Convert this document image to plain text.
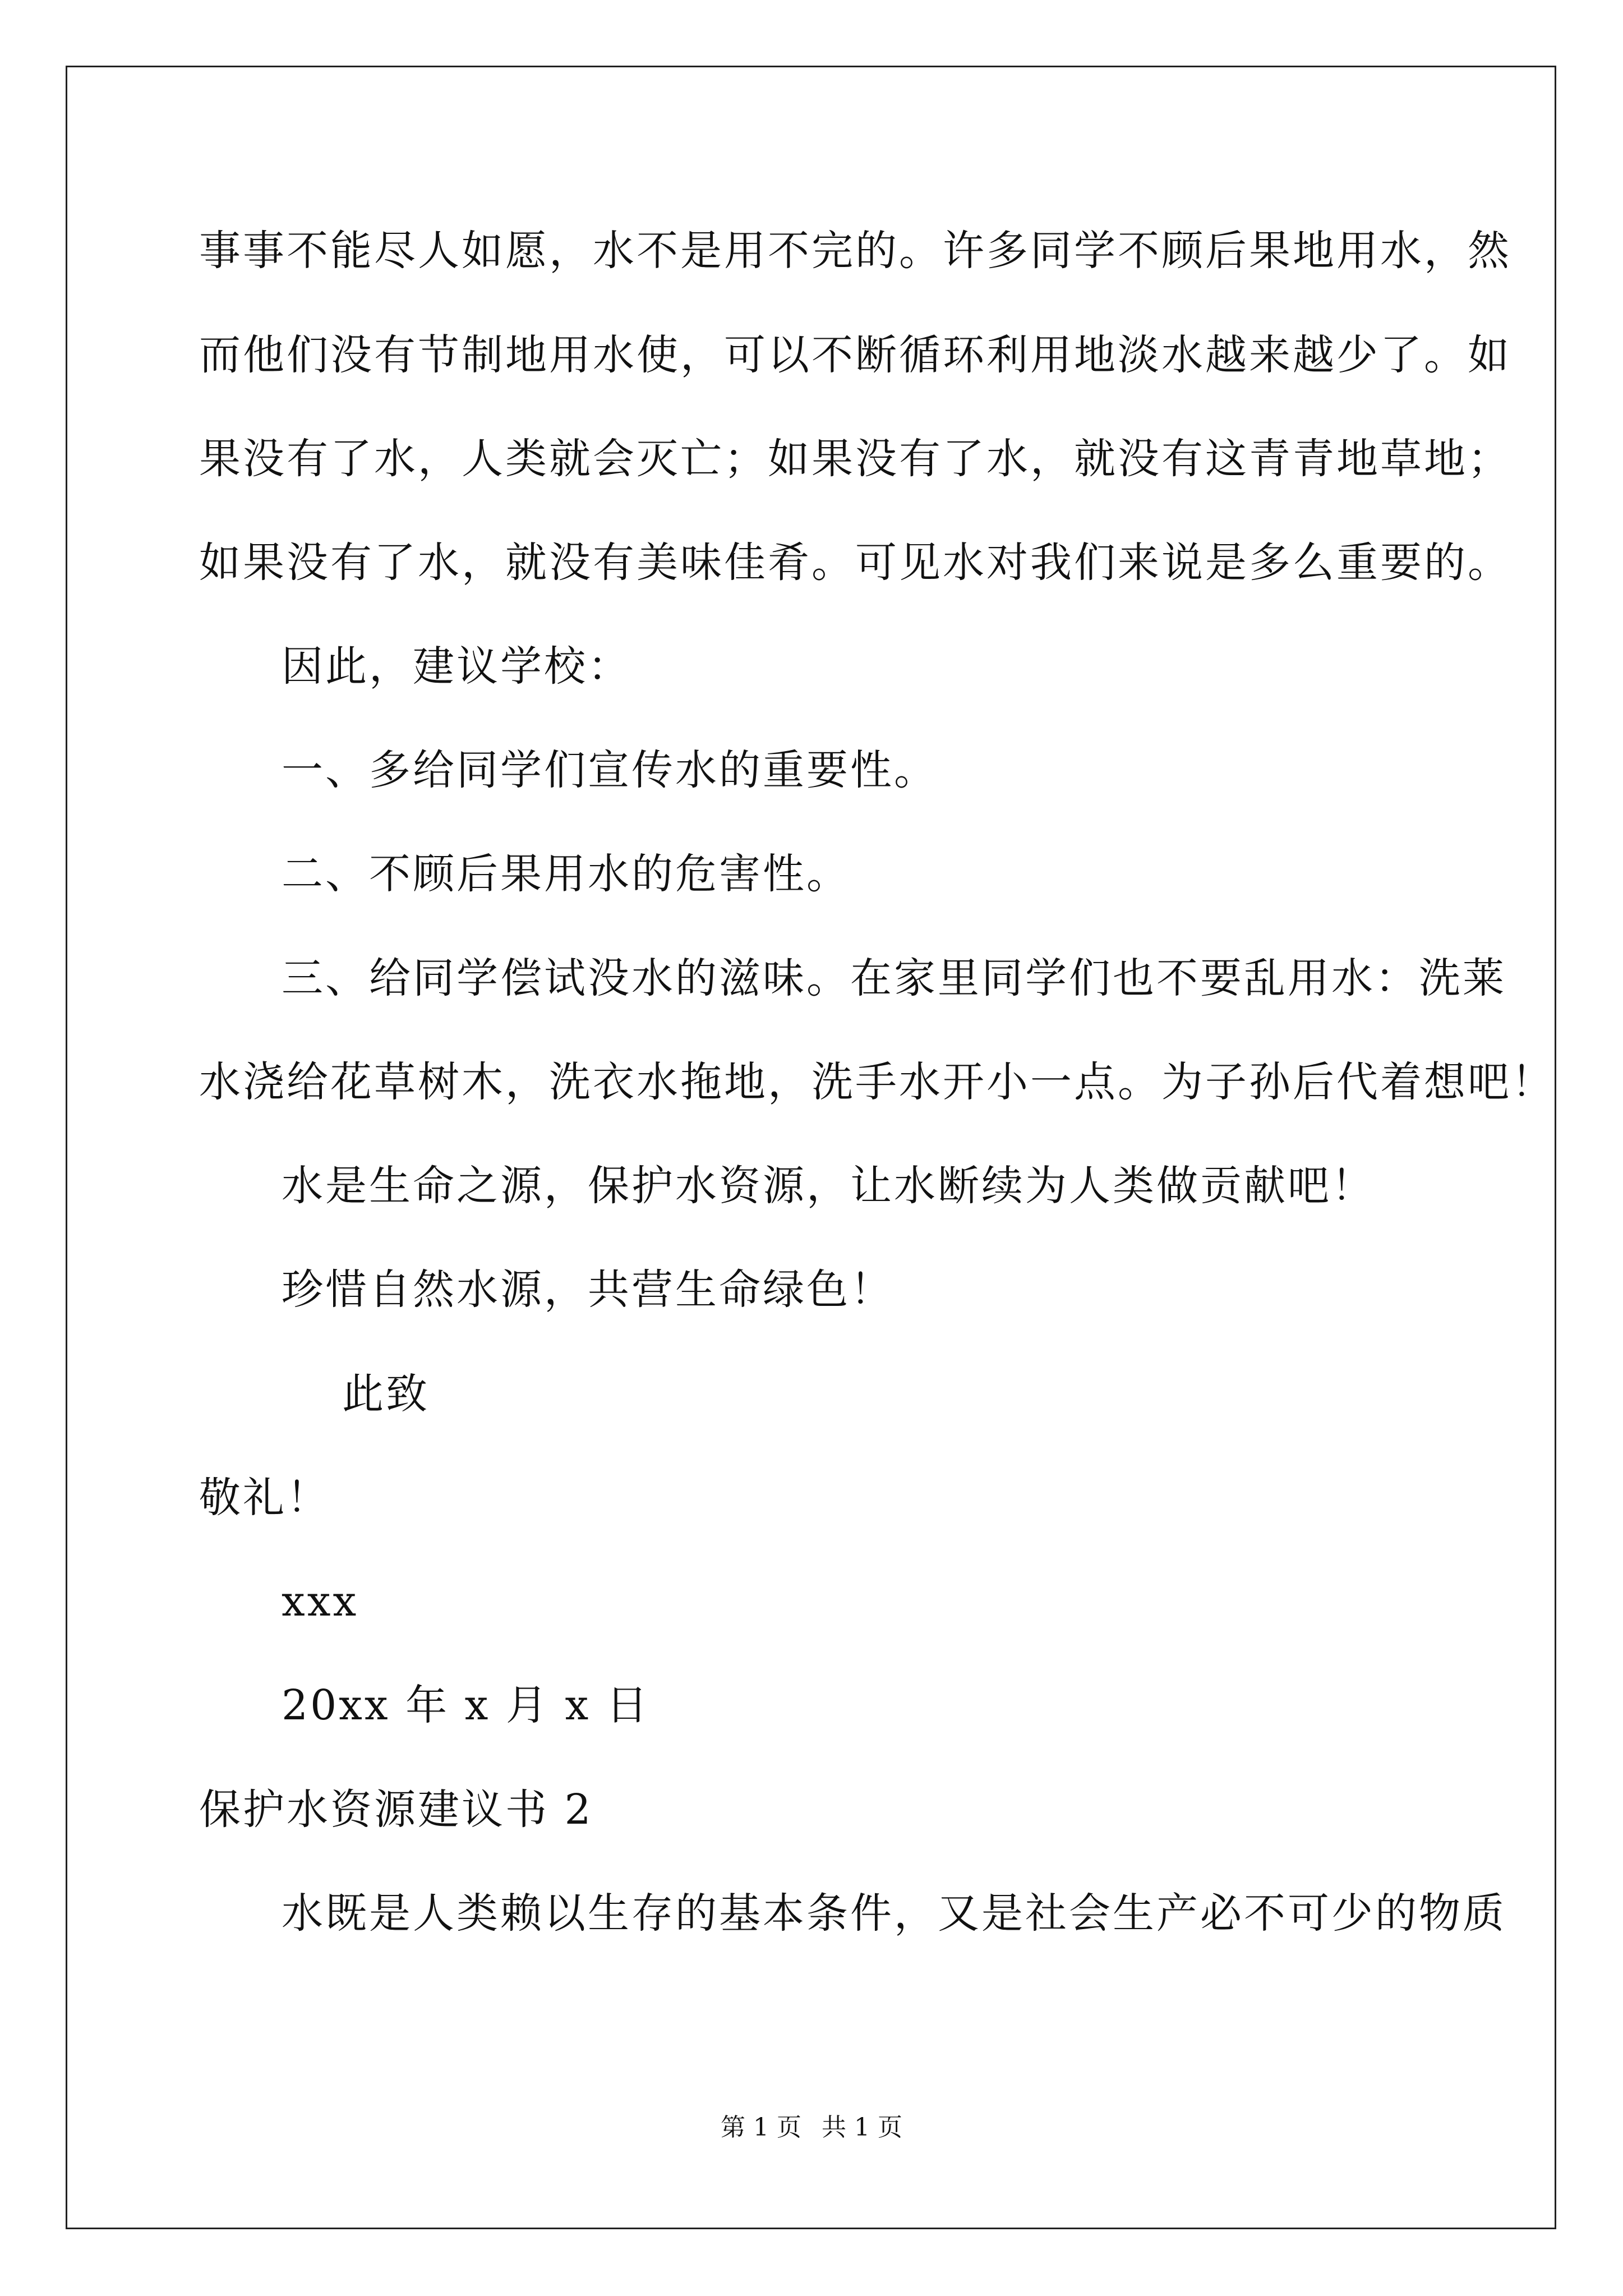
事事不能尽人如愿，水不是用不完的。许多同学不顾后果地用水，然
而他们没有节制地用水使，可以不断循环利用地淡水越来越少了。如
果没有了水，人类就会灭亡；如果没有了水，就没有这青青地草地；
如果没有了水，就没有美味佳肴。可见水对我们来说是多么重要的。
因此，建议学校：
一、多给同学们宣传水的重要性。
二、不顾后果用水的危害性。
三、给同学偿试没水的滋味。在家里同学们也不要乱用水：洗莱
水浇给花草树木，洗衣水拖地，洗手水开小一点。为子孙后代着想吧！
水是生命之源，保护水资源，让水断续为人类做贡献吧！
珍惜自然水源，共营生命绿色！
此致
敬礼！
xxx
20xx 年 x 月 x 日
保护水资源建议书 2
水既是人类赖以生存的基本条件，又是社会生产必不可少的物质
第 1 页 共 1 页
